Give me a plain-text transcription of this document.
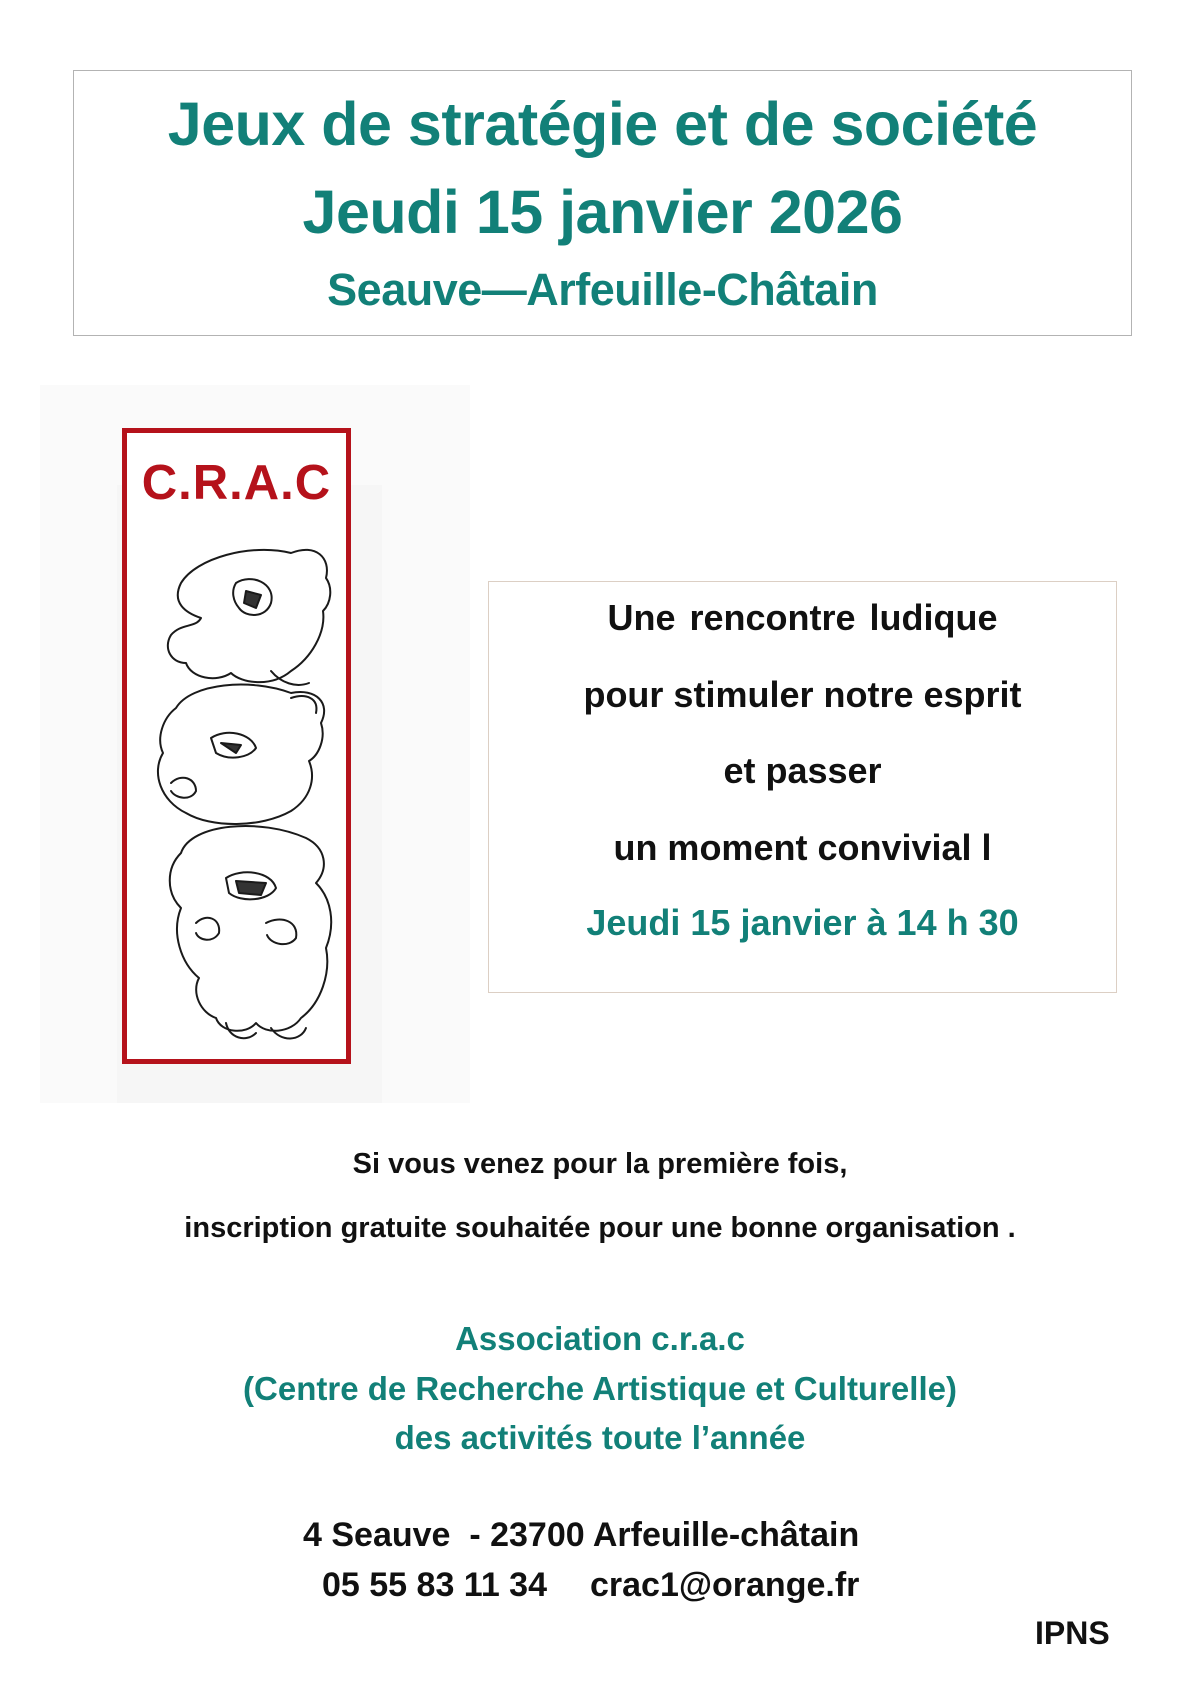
Jeux de stratégie et de société
Jeudi 15 janvier 2026
Seauve—Arfeuille-Châtain
C.R.A.C
Une rencontre ludique
pour stimuler notre esprit
et passer
un moment convivial l
Jeudi 15 janvier à 14 h 30
Si vous venez pour la première fois,
inscription gratuite souhaitée pour une bonne organisation .
Association c.r.a.c
(Centre de Recherche Artistique et Culturelle)
des activités toute l’année
4 Seauve  - 23700 Arfeuille-châtain
05 55 83 11 34 crac1@orange.fr
IPNS
